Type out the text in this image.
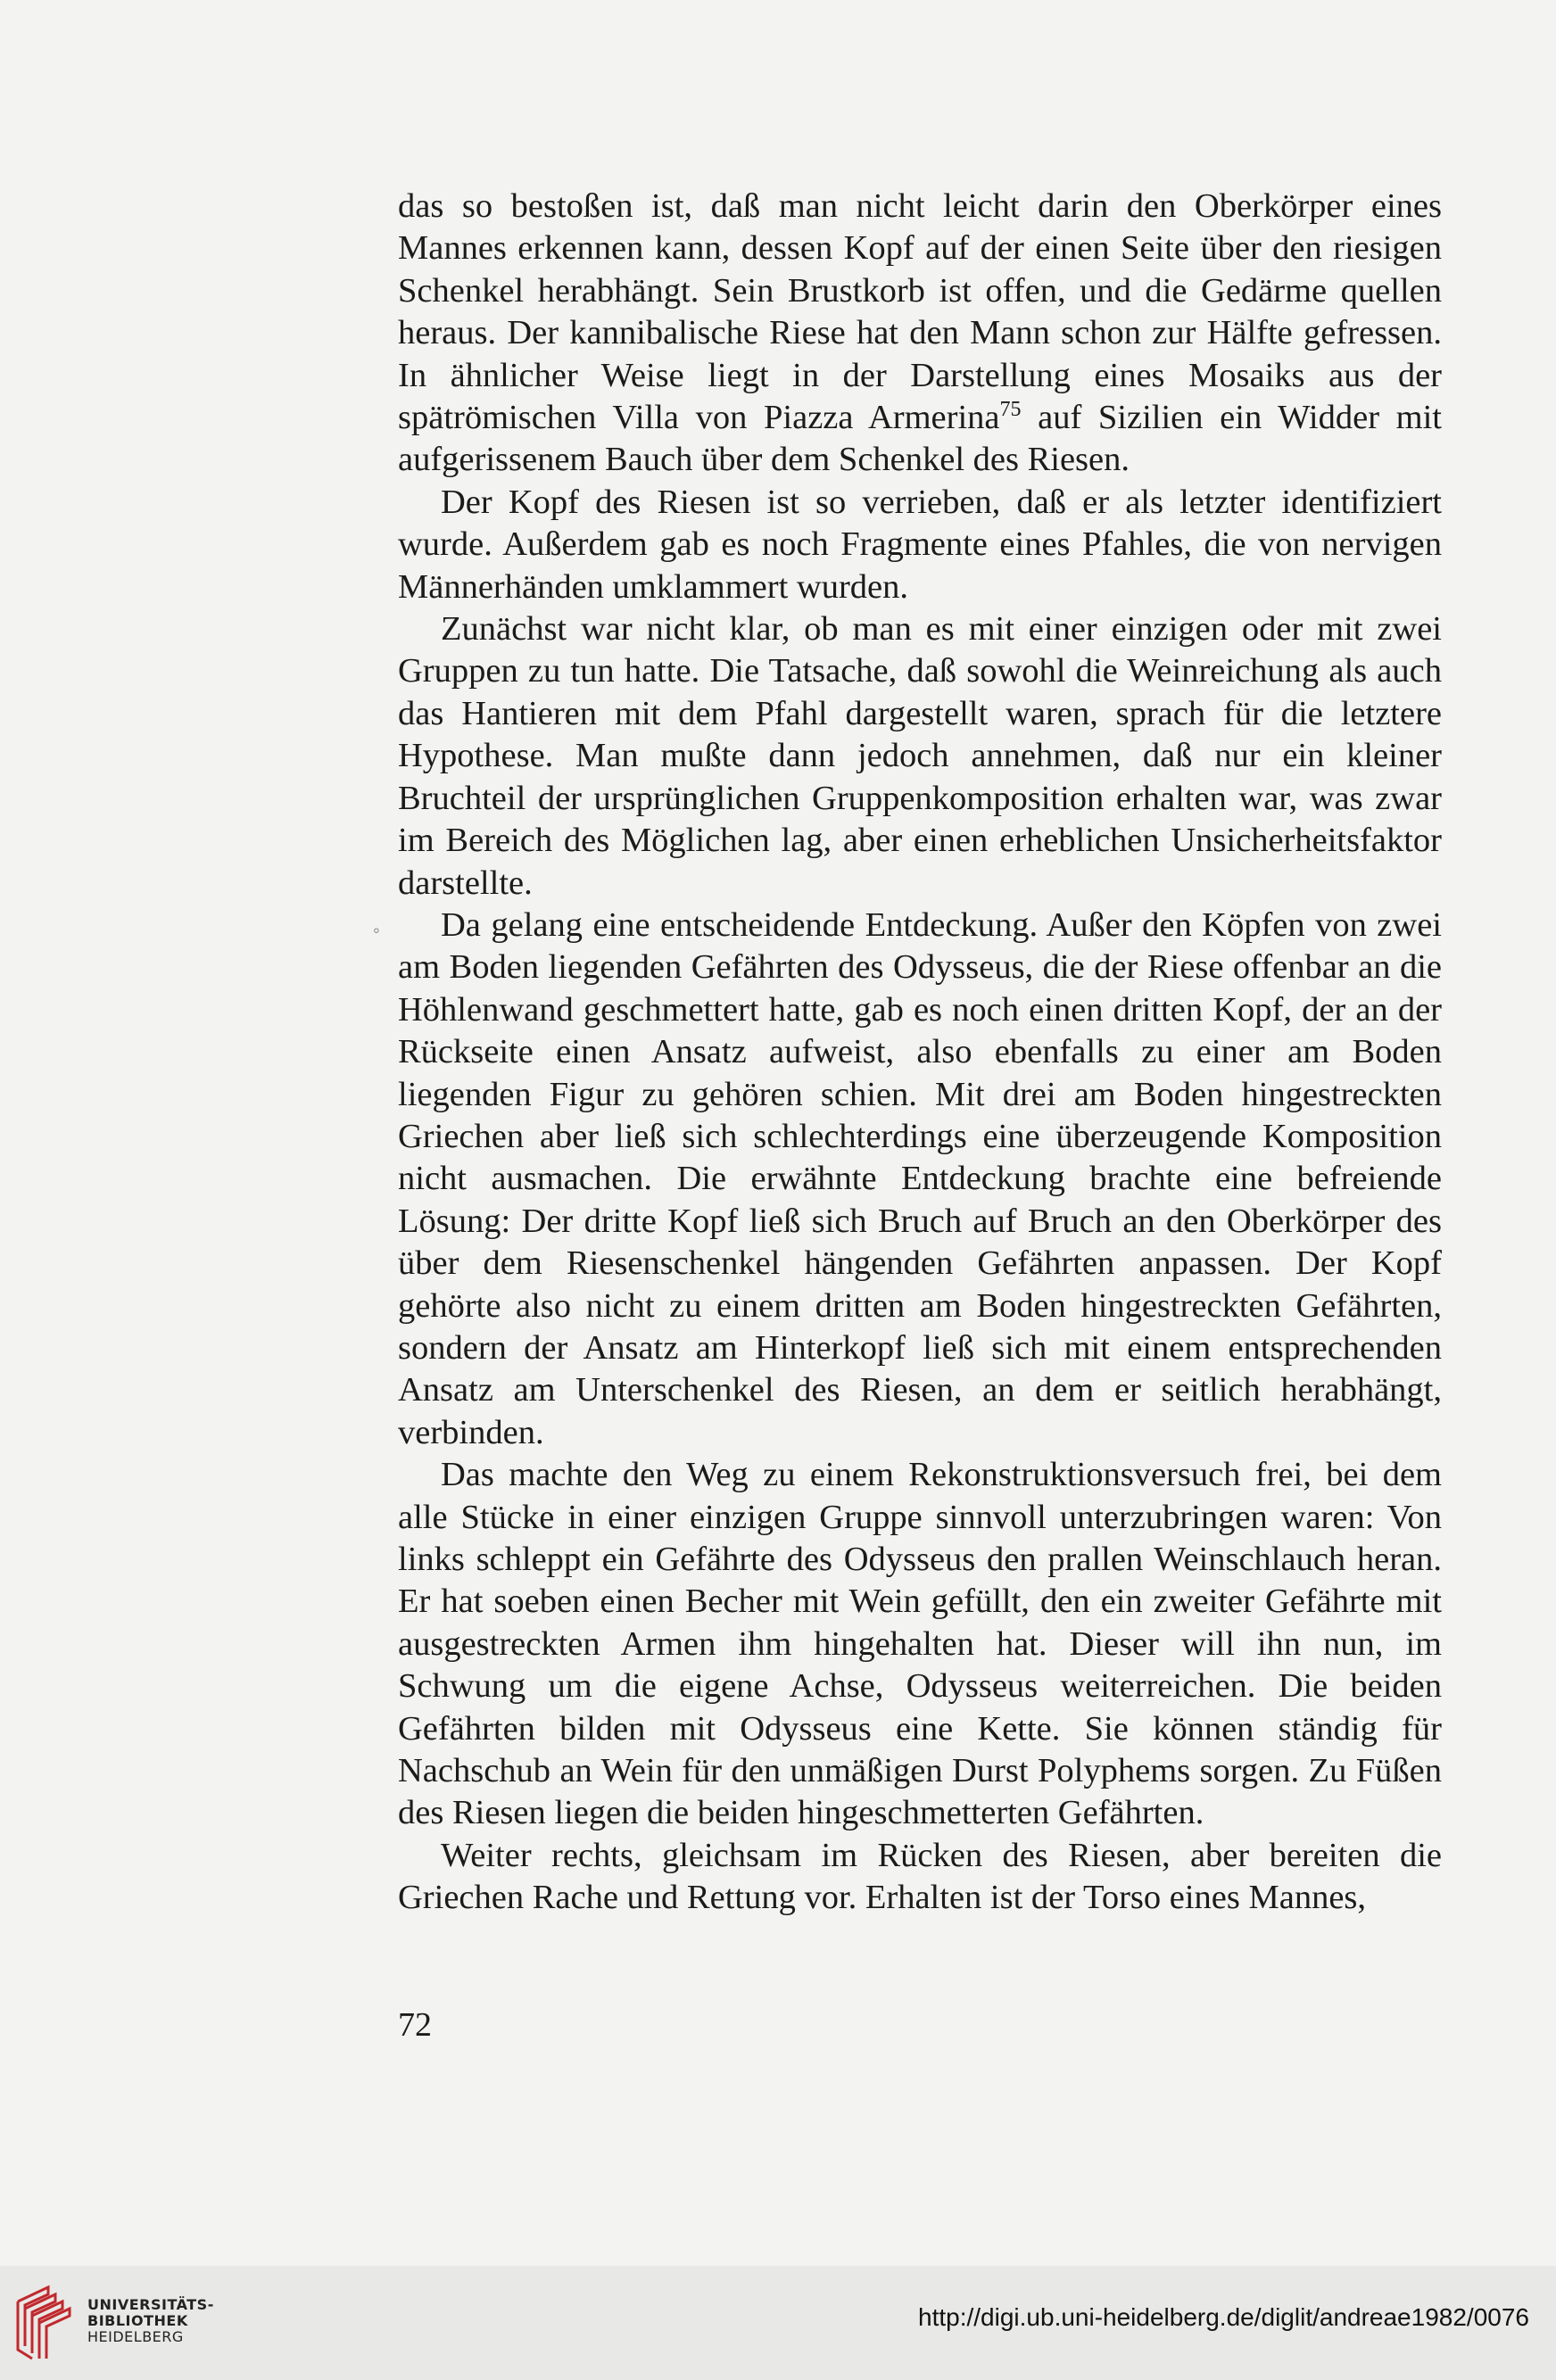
das so bestoßen ist, daß man nicht leicht darin den Oberkörper eines Mannes erkennen kann, dessen Kopf auf der einen Seite über den riesigen Schenkel herabhängt. Sein Brustkorb ist offen, und die Gedärme quellen heraus. Der kannibalische Riese hat den Mann schon zur Hälfte gefressen. In ähnlicher Weise liegt in der Darstellung eines Mosaiks aus der spätrömischen Villa von Piazza Armerina$^{75}$ auf Sizilien ein Widder mit aufgerissenem Bauch über dem Schenkel des Riesen.

Der Kopf des Riesen ist so verrieben, daß er als letzter identifiziert wurde. Außerdem gab es noch Fragmente eines Pfahles, die von nervigen Männerhänden umklammert wurden.

Zunächst war nicht klar, ob man es mit einer einzigen oder mit zwei Gruppen zu tun hatte. Die Tatsache, daß sowohl die Weinreichung als auch das Hantieren mit dem Pfahl dargestellt waren, sprach für die letztere Hypothese. Man mußte dann jedoch annehmen, daß nur ein kleiner Bruchteil der ursprünglichen Gruppenkomposition erhalten war, was zwar im Bereich des Möglichen lag, aber einen erheblichen Unsicherheitsfaktor darstellte.

Da gelang eine entscheidende Entdeckung. Außer den Köpfen von zwei am Boden liegenden Gefährten des Odysseus, die der Riese offenbar an die Höhlenwand geschmettert hatte, gab es noch einen dritten Kopf, der an der Rückseite einen Ansatz aufweist, also ebenfalls zu einer am Boden liegenden Figur zu gehören schien. Mit drei am Boden hingestreckten Griechen aber ließ sich schlechterdings eine überzeugende Komposition nicht ausmachen. Die erwähnte Entdeckung brachte eine befreiende Lösung: Der dritte Kopf ließ sich Bruch auf Bruch an den Oberkörper des über dem Riesenschenkel hängenden Gefährten anpassen. Der Kopf gehörte also nicht zu einem dritten am Boden hingestreckten Gefährten, sondern der Ansatz am Hinterkopf ließ sich mit einem entsprechenden Ansatz am Unterschenkel des Riesen, an dem er seitlich herabhängt, verbinden.

Das machte den Weg zu einem Rekonstruktionsversuch frei, bei dem alle Stücke in einer einzigen Gruppe sinnvoll unterzubringen waren: Von links schleppt ein Gefährte des Odysseus den prallen Weinschlauch heran. Er hat soeben einen Becher mit Wein gefüllt, den ein zweiter Gefährte mit ausgestreckten Armen ihm hingehalten hat. Dieser will ihn nun, im Schwung um die eigene Achse, Odysseus weiterreichen. Die beiden Gefährten bilden mit Odysseus eine Kette. Sie können ständig für Nachschub an Wein für den unmäßigen Durst Polyphems sorgen. Zu Füßen des Riesen liegen die beiden hingeschmetterten Gefährten.

Weiter rechts, gleichsam im Rücken des Riesen, aber bereiten die Griechen Rache und Rettung vor. Erhalten ist der Torso eines Mannes,

72
◦
UNIVERSITÄTS-
BIBLIOTHEK
HEIDELBERG
http://digi.ub.uni-heidelberg.de/diglit/andreae1982/0076
